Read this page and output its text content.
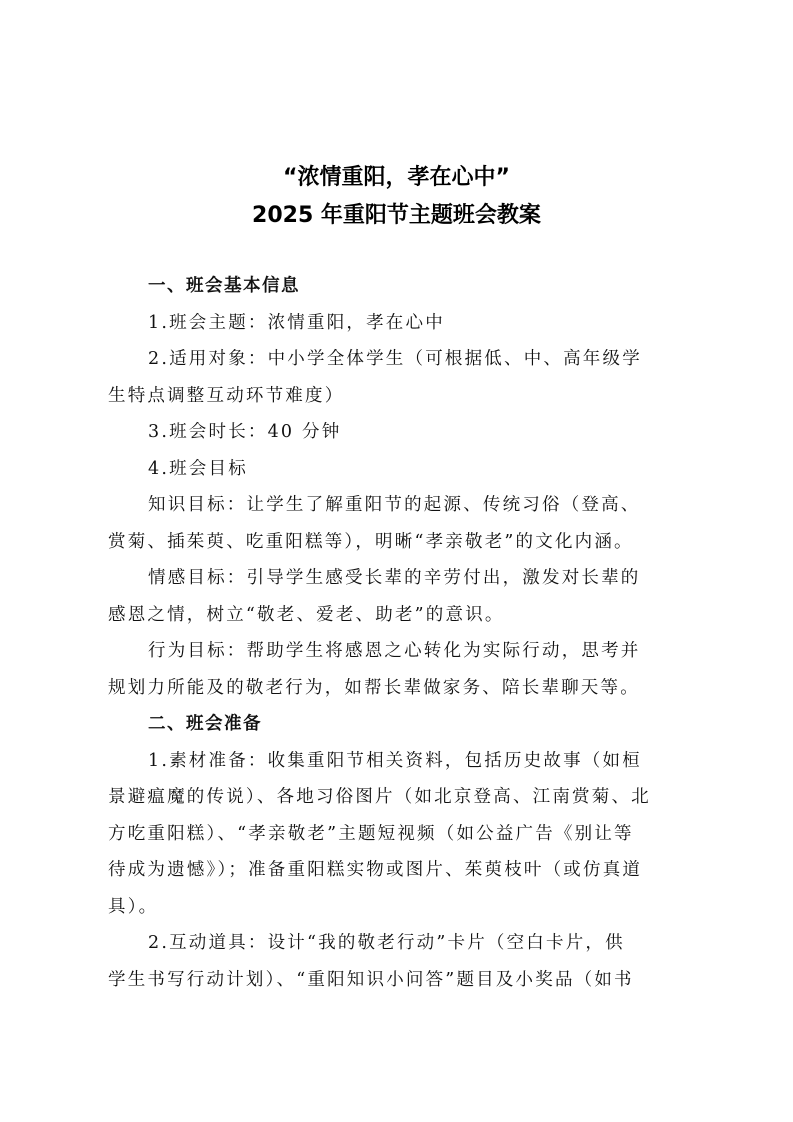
“浓情重阳，孝在心中”
2025 年重阳节主题班会教案
一、班会基本信息
1.班会主题：浓情重阳，孝在心中
2.适用对象：中小学全体学生（可根据低、中、高年级学
生特点调整互动环节难度）
3.班会时长：40 分钟
4.班会目标
知识目标：让学生了解重阳节的起源、传统习俗（登高、
赏菊、插茱萸、吃重阳糕等），明晰“孝亲敬老”的文化内涵。
情感目标：引导学生感受长辈的辛劳付出，激发对长辈的
感恩之情，树立“敬老、爱老、助老”的意识。
行为目标：帮助学生将感恩之心转化为实际行动，思考并
规划力所能及的敬老行为，如帮长辈做家务、陪长辈聊天等。
二、班会准备
1.素材准备：收集重阳节相关资料，包括历史故事（如桓
景避瘟魔的传说）、各地习俗图片（如北京登高、江南赏菊、北
方吃重阳糕）、“孝亲敬老”主题短视频（如公益广告《别让等
待成为遗憾》）；准备重阳糕实物或图片、茱萸枝叶（或仿真道
具）。
2.互动道具：设计“我的敬老行动”卡片（空白卡片，供
学生书写行动计划）、“重阳知识小问答”题目及小奖品（如书
